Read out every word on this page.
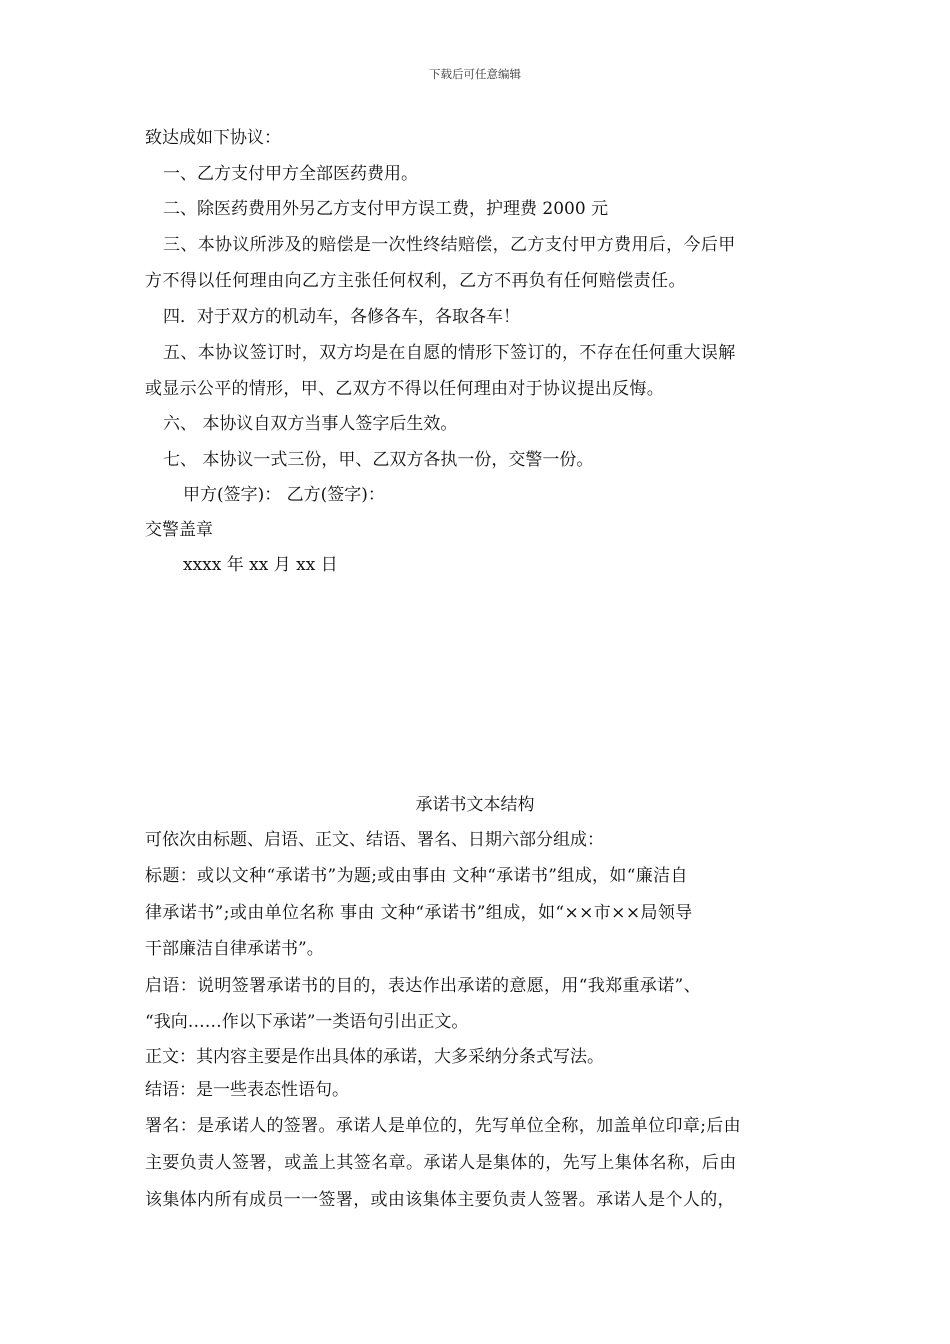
下载后可任意编辑
致达成如下协议：
一、乙方支付甲方全部医药费用。
二、除医药费用外另乙方支付甲方误工费，护理费 2000 元
三、本协议所涉及的赔偿是一次性终结赔偿，乙方支付甲方费用后，今后甲
方不得以任何理由向乙方主张任何权利，乙方不再负有任何赔偿责任。
四．对于双方的机动车，各修各车，各取各车！
五、本协议签订时，双方均是在自愿的情形下签订的，不存在任何重大误解
或显示公平的情形，甲、乙双方不得以任何理由对于协议提出反悔。
六、 本协议自双方当事人签字后生效。
七、 本协议一式三份，甲、乙双方各执一份，交警一份。
甲方(签字)： 乙方(签字)：
交警盖章
xxxx 年 xx 月 xx 日
承诺书文本结构
可依次由标题、启语、正文、结语、署名、日期六部分组成：
标题：或以文种“承诺书”为题;或由事由 文种“承诺书”组成，如“廉洁自
律承诺书”;或由单位名称 事由 文种“承诺书”组成，如“××市××局领导
干部廉洁自律承诺书”。
启语：说明签署承诺书的目的，表达作出承诺的意愿，用“我郑重承诺”、
“我向……作以下承诺”一类语句引出正文。
正文：其内容主要是作出具体的承诺，大多采纳分条式写法。
结语：是一些表态性语句。
署名：是承诺人的签署。承诺人是单位的，先写单位全称，加盖单位印章;后由
主要负责人签署，或盖上其签名章。承诺人是集体的，先写上集体名称，后由
该集体内所有成员一一签署，或由该集体主要负责人签署。承诺人是个人的，
